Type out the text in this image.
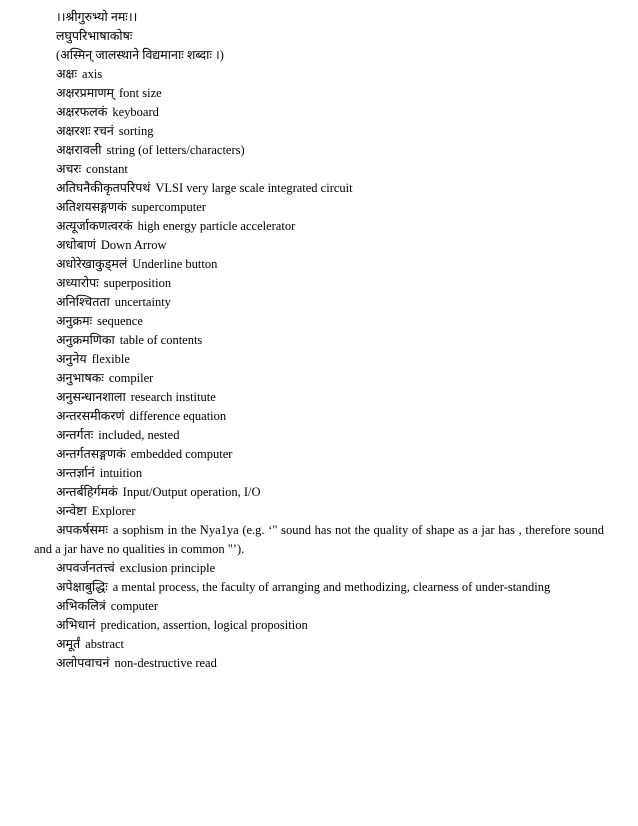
।।श्रीगुरुभ्यो नमः।।
लघुपरिभाषाकोषः
(अस्मिन् जालस्थाने विद्यमानाः शब्दाः ।)
अक्षः axis
अक्षरप्रमाणम् font size
अक्षरफलकं keyboard
अक्षरशः रचनं sorting
अक्षरावली string (of letters/characters)
अचरः constant
अतिघनैकीकृतपरिपथं VLSI very large scale integrated circuit
अतिशयसङ्गणकं supercomputer
अत्यूर्जाकणत्वरकं high energy particle accelerator
अधोबाणं Down Arrow
अधोरेखाकुड्मलं Underline button
अध्यारोपः superposition
अनिश्चितता uncertainty
अनुक्रमः sequence
अनुक्रमणिका table of contents
अनुनेय flexible
अनुभाषकः compiler
अनुसन्धानशाला research institute
अन्तरसमीकरणं difference equation
अन्तर्गतः included, nested
अन्तर्गतसङ्गणकं embedded computer
अन्तर्ज्ञानं intuition
अन्तर्बहिर्गमकं Input/Output operation, I/O
अन्वेष्टा Explorer
अपकर्षसमः a sophism in the Nya1ya (e.g. ‘" sound has not the quality of shape as a jar has , therefore sound and a jar have no qualities in common "’).
अपवर्जनतत्त्वं exclusion principle
अपेक्षाबुद्धिः a mental process, the faculty of arranging and methodizing, clearness of under-standing
अभिकलित्रं computer
अभिधानं predication, assertion, logical proposition
अमूर्तं abstract
अलोपवाचनं non-destructive read
